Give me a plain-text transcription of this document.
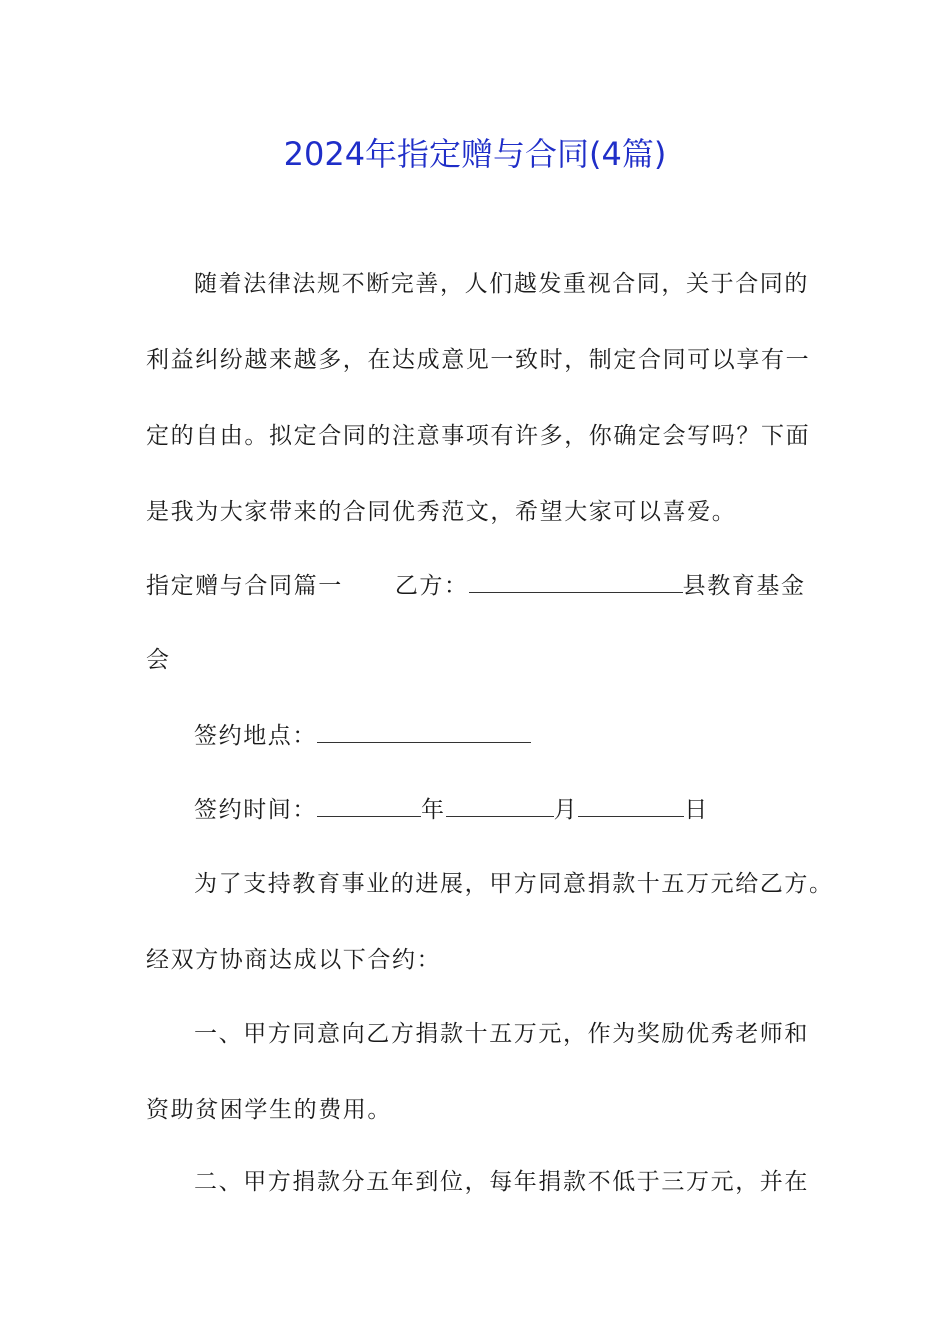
2024年指定赠与合同(4篇)
随着法律法规不断完善，人们越发重视合同，关于合同的
利益纠纷越来越多，在达成意见一致时，制定合同可以享有一
定的自由。拟定合同的注意事项有许多，你确定会写吗？下面
是我为大家带来的合同优秀范文，希望大家可以喜爱。
指定赠与合同篇一 乙方：	县教育基金
会
签约地点：
签约时间：	年	月	日
为了支持教育事业的进展，甲方同意捐款十五万元给乙方。
经双方协商达成以下合约：
一、甲方同意向乙方捐款十五万元，作为奖励优秀老师和
资助贫困学生的费用。
二、甲方捐款分五年到位，每年捐款不低于三万元，并在
